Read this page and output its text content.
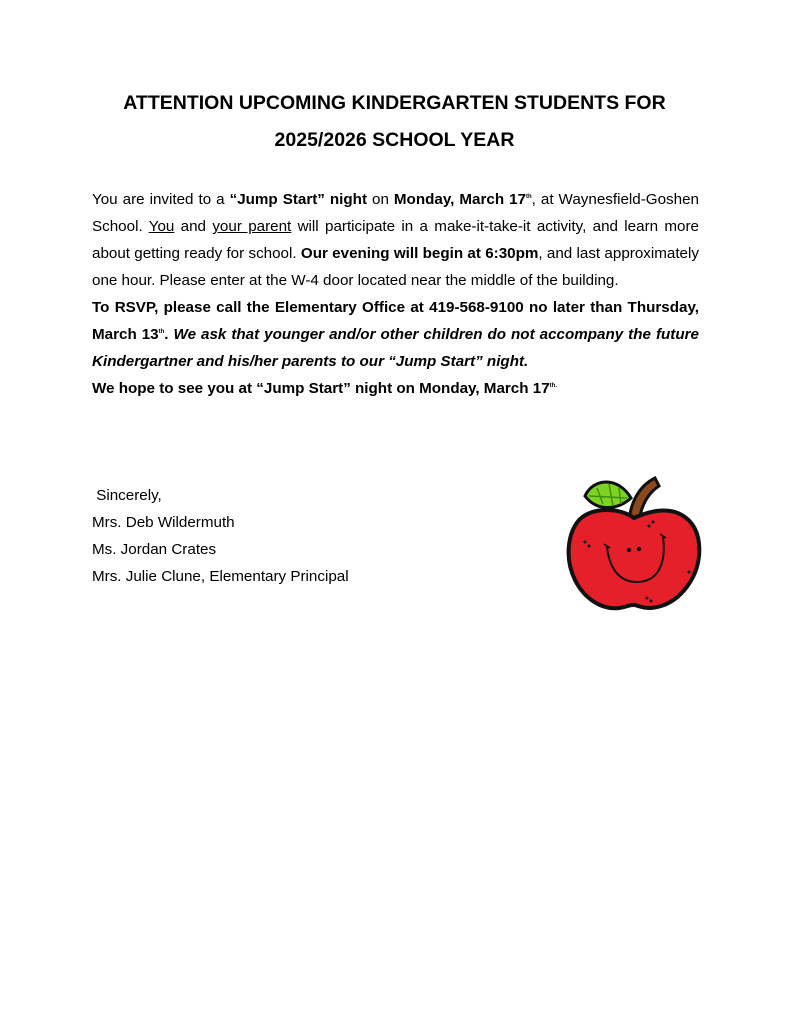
ATTENTION UPCOMING KINDERGARTEN STUDENTS FOR
2025/2026 SCHOOL YEAR
You are invited to a “Jump Start” night on Monday, March 17th, at Waynesfield-Goshen School. You and your parent will participate in a make-it-take-it activity, and learn more about getting ready for school. Our evening will begin at 6:30pm, and last approximately one hour. Please enter at the W-4 door located near the middle of the building.
To RSVP, please call the Elementary Office at 419-568-9100 no later than Thursday, March 13th. We ask that younger and/or other children do not accompany the future Kindergartner and his/her parents to our “Jump Start” night.
We hope to see you at “Jump Start” night on Monday, March $17^{th.}$
Sincerely,
Mrs. Deb Wildermuth
Ms. Jordan Crates
Mrs. Julie Clune, Elementary Principal
